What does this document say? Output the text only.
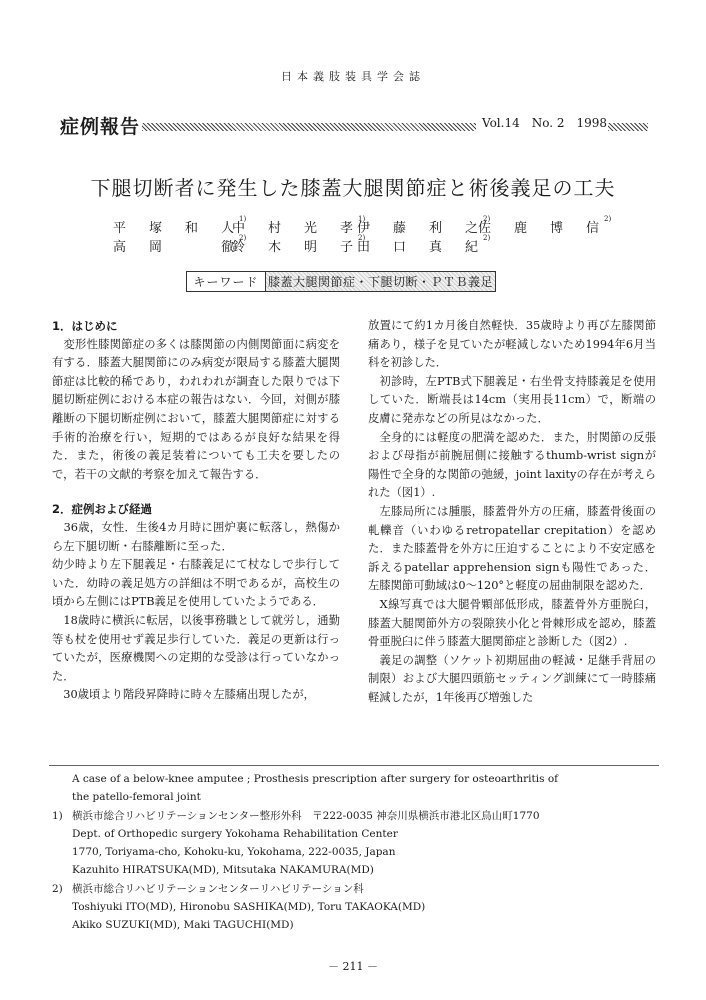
日本義肢装具学会誌
症例報告	Vol.14　No. 2　1998
下腿切断者に発生した膝蓋大腿関節症と術後義足の工夫
平　塚　和　人$^{1)}$
中　村　光　孝$^{1)}$
伊　藤　利　之$^{2)}$
佐　鹿　博　信$^{2)}$
高　岡　　　徹$^{2)}$
鈴　木　明　子$^{2)}$
田　口　真　紀$^{2)}$
キーワード 膝蓋大腿関節症・下腿切断・ＰＴＢ義足

1．はじめに

　変形性膝関節症の多くは膝関節の内側関節面に病変を有する．膝蓋大腿関節にのみ病変が限局する膝蓋大腿関節症は比較的稀であり，われわれが調査した限りでは下腿切断症例における本症の報告はない．今回，対側が膝離断の下腿切断症例において，膝蓋大腿関節症に対する手術的治療を行い，短期的ではあるが良好な結果を得た．また，術後の義足装着についても工夫を要したので，若干の文献的考察を加えて報告する．

2．症例および経過

　36歳，女性．生後4カ月時に囲炉裏に転落し，熱傷から左下腿切断・右膝離断に至った．

幼少時より左下腿義足・右膝義足にて杖なしで歩行していた．幼時の義足処方の詳細は不明であるが，高校生の頃から左側にはPTB義足を使用していたようである．

　18歳時に横浜に転居，以後事務職として就労し，通勤等も杖を使用せず義足歩行していた．義足の更新は行っていたが，医療機関への定期的な受診は行っていなかった．

　30歳頃より階段昇降時に時々左膝痛出現したが，

放置にて約1カ月後自然軽快．35歳時より再び左膝関節痛あり，様子を見ていたが軽減しないため1994年6月当科を初診した．

　初診時，左PTB式下腿義足・右坐骨支持膝義足を使用していた．断端長は14cm（実用長11cm）で，断端の皮膚に発赤などの所見はなかった．

　全身的には軽度の肥満を認めた．また，肘関節の反張および母指が前腕屈側に接触するthumb-wrist signが陽性で全身的な関節の弛緩，joint laxityの存在が考えられた（図1）.

　左膝局所には腫脹，膝蓋骨外方の圧痛，膝蓋骨後面の軋轢音（いわゆるretropatellar crepitation）を認めた．また膝蓋骨を外方に圧迫することにより不安定感を訴えるpatellar apprehension signも陽性であった．左膝関節可動域は0～120°と軽度の屈曲制限を認めた．

　X線写真では大腿骨顆部低形成，膝蓋骨外方亜脱臼，膝蓋大腿関節外方の裂隙狭小化と骨棘形成を認め，膝蓋骨亜脱臼に伴う膝蓋大腿関節症と診断した（図2）.

　義足の調整（ソケット初期屈曲の軽減・足継手背屈の制限）および大腿四頭筋セッティング訓練にて一時膝痛軽減したが，1年後再び増強した

A case of a below-knee amputee ; Prosthesis prescription after surgery for osteoarthritis of

the patello-femoral joint

1) 横浜市総合リハビリテーションセンター整形外科　〒222-0035 神奈川県横浜市港北区鳥山町1770

Dept. of Orthopedic surgery Yokohama Rehabilitation Center

1770, Toriyama-cho, Kohoku-ku, Yokohama, 222-0035, Japan

Kazuhito HIRATSUKA(MD), Mitsutaka NAKAMURA(MD)

2) 横浜市総合リハビリテーションセンターリハビリテーション科

Toshiyuki ITO(MD), Hironobu SASHIKA(MD), Toru TAKAOKA(MD)

Akiko SUZUKI(MD), Maki TAGUCHI(MD)

－ 211 －
